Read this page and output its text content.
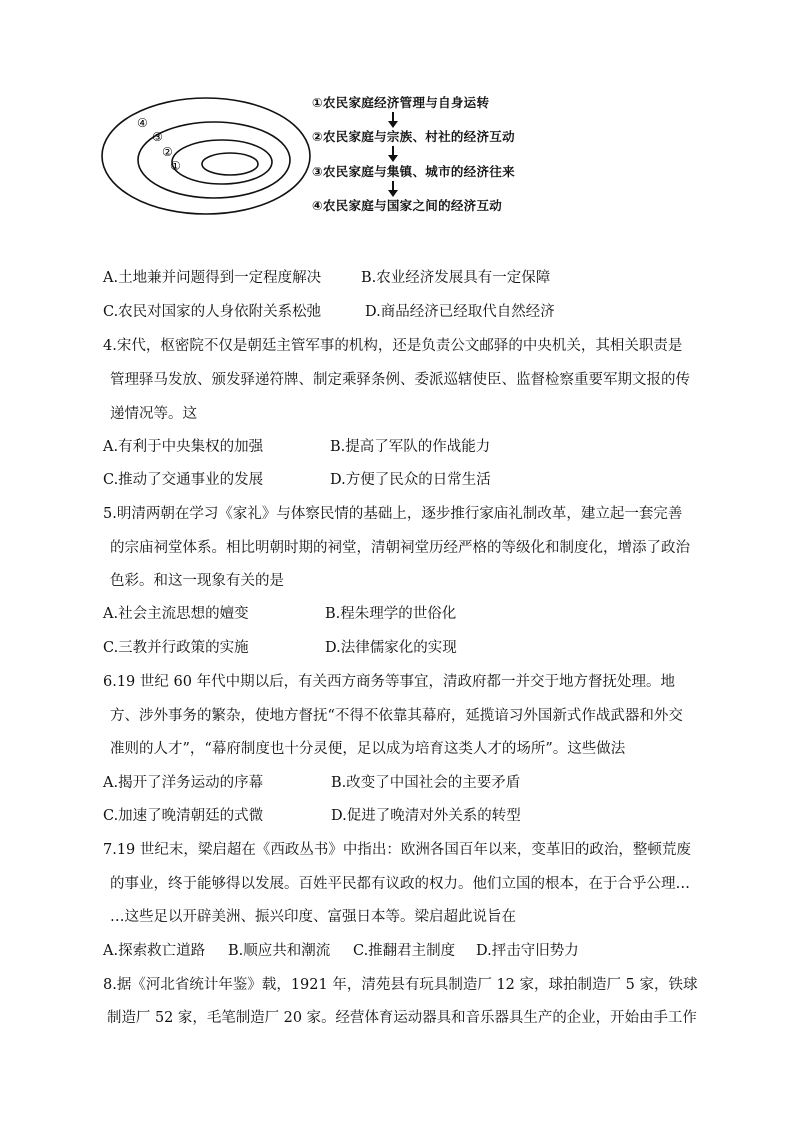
④
③
②
①
①农民家庭经济管理与自身运转
②农民家庭与宗族、村社的经济互动
③农民家庭与集镇、城市的经济往来
④农民家庭与国家之间的经济互动
A.土地兼并问题得到一定程度解决	B.农业经济发展具有一定保障
C.农民对国家的人身依附关系松弛	D.商品经济已经取代自然经济
4.宋代，枢密院不仅是朝廷主管军事的机构，还是负责公文邮驿的中央机关，其相关职责是
管理驿马发放、颁发驿递符牌、制定乘驿条例、委派巡辖使臣、监督检察重要军期文报的传
递情况等。这
A.有利于中央集权的加强	B.提高了军队的作战能力
C.推动了交通事业的发展	D.方便了民众的日常生活
5.明清两朝在学习《家礼》与体察民情的基础上，逐步推行家庙礼制改革，建立起一套完善
的宗庙祠堂体系。相比明朝时期的祠堂，清朝祠堂历经严格的等级化和制度化，增添了政治
色彩。和这一现象有关的是
A.社会主流思想的嬗变	B.程朱理学的世俗化
C.三教并行政策的实施	D.法律儒家化的实现
6.19 世纪 60 年代中期以后，有关西方商务等事宜，清政府都一并交于地方督抚处理。地
方、涉外事务的繁杂，使地方督抚“不得不依靠其幕府，延揽谙习外国新式作战武器和外交
准则的人才”，“幕府制度也十分灵便，足以成为培育这类人才的场所”。这些做法
A.揭开了洋务运动的序幕	B.改变了中国社会的主要矛盾
C.加速了晚清朝廷的式微	D.促进了晚清对外关系的转型
7.19 世纪末，梁启超在《西政丛书》中指出：欧洲各国百年以来，变革旧的政治，整顿荒废
的事业，终于能够得以发展。百姓平民都有议政的权力。他们立国的根本，在于合乎公理…
…这些足以开辟美洲、振兴印度、富强日本等。梁启超此说旨在
A.探索救亡道路 B.顺应共和潮流 C.推翻君主制度 D.抨击守旧势力
8.据《河北省统计年鉴》载，1921 年，清苑县有玩具制造厂 12 家，球拍制造厂 5 家，铁球
制造厂 52 家，毛笔制造厂 20 家。经营体育运动器具和音乐器具生产的企业，开始由手工作
